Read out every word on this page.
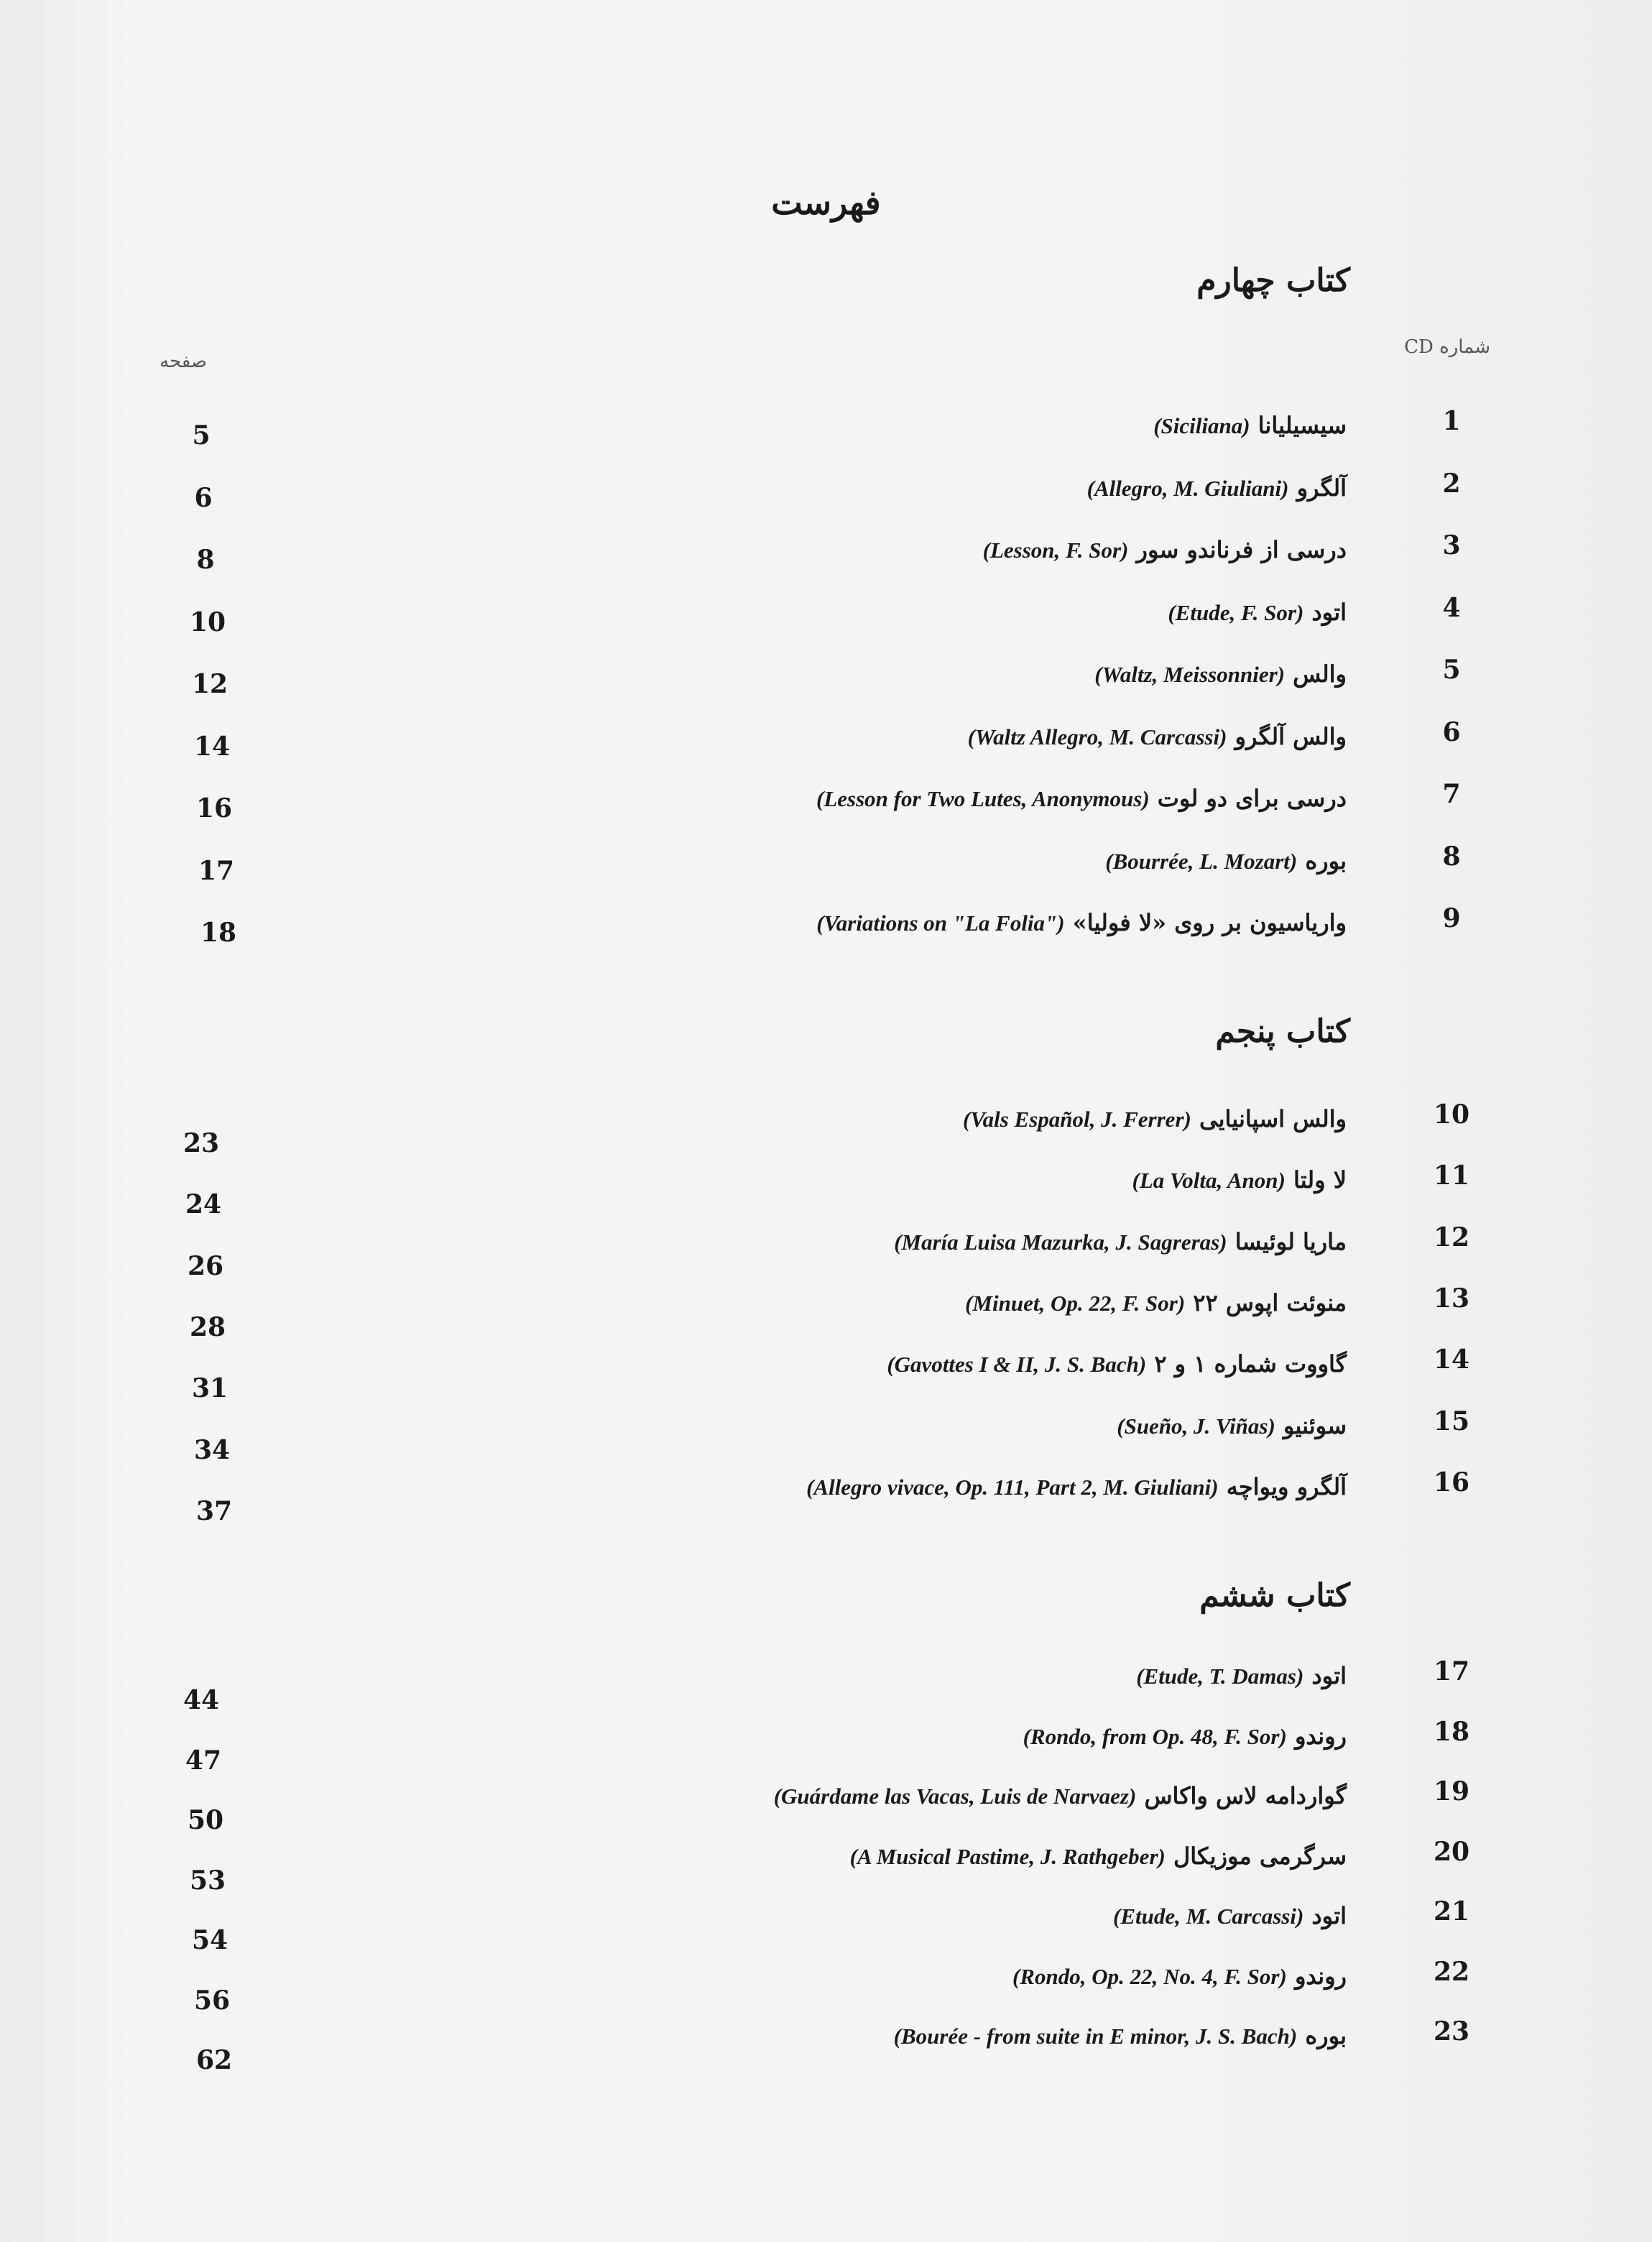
فهرست
کتاب چهارم
شماره CD
صفحه
کتاب پنجم
کتاب ششم
1
سیسیلیانا (Siciliana)
5
2
آلگرو (Allegro, M. Giuliani)
6
3
درسی از فرناندو سور (Lesson, F. Sor)
8
4
اتود (Etude, F. Sor)
10
5
والس (Waltz, Meissonnier)
12
6
والس آلگرو (Waltz Allegro, M. Carcassi)
14
7
درسی برای دو لوت (Lesson for Two Lutes, Anonymous)
16
8
بوره (Bourrée, L. Mozart)
17
9
واریاسیون بر روی «لا فولیا» (Variations on "La Folia")
18
10
والس اسپانیایی (Vals Español, J. Ferrer)
23
11
لا ولتا (La Volta, Anon)
24
12
ماریا لوئیسا (María Luisa Mazurka, J. Sagreras)
26
13
منوئت اپوس ۲۲ (Minuet, Op. 22, F. Sor)
28
14
گاووت شماره ۱ و ۲ (Gavottes I & II, J. S. Bach)
31
15
سوئنیو (Sueño, J. Viñas)
34
16
آلگرو ویواچه (Allegro vivace, Op. 111, Part 2, M. Giuliani)
37
17
اتود (Etude, T. Damas)
44
18
روندو (Rondo, from Op. 48, F. Sor)
47
19
گواردامه لاس واکاس (Guárdame las Vacas, Luis de Narvaez)
50
20
سرگرمی موزیکال (A Musical Pastime, J. Rathgeber)
53
21
اتود (Etude, M. Carcassi)
54
22
روندو (Rondo, Op. 22, No. 4, F. Sor)
56
23
بوره (Bourée - from suite in E minor, J. S. Bach)
62
